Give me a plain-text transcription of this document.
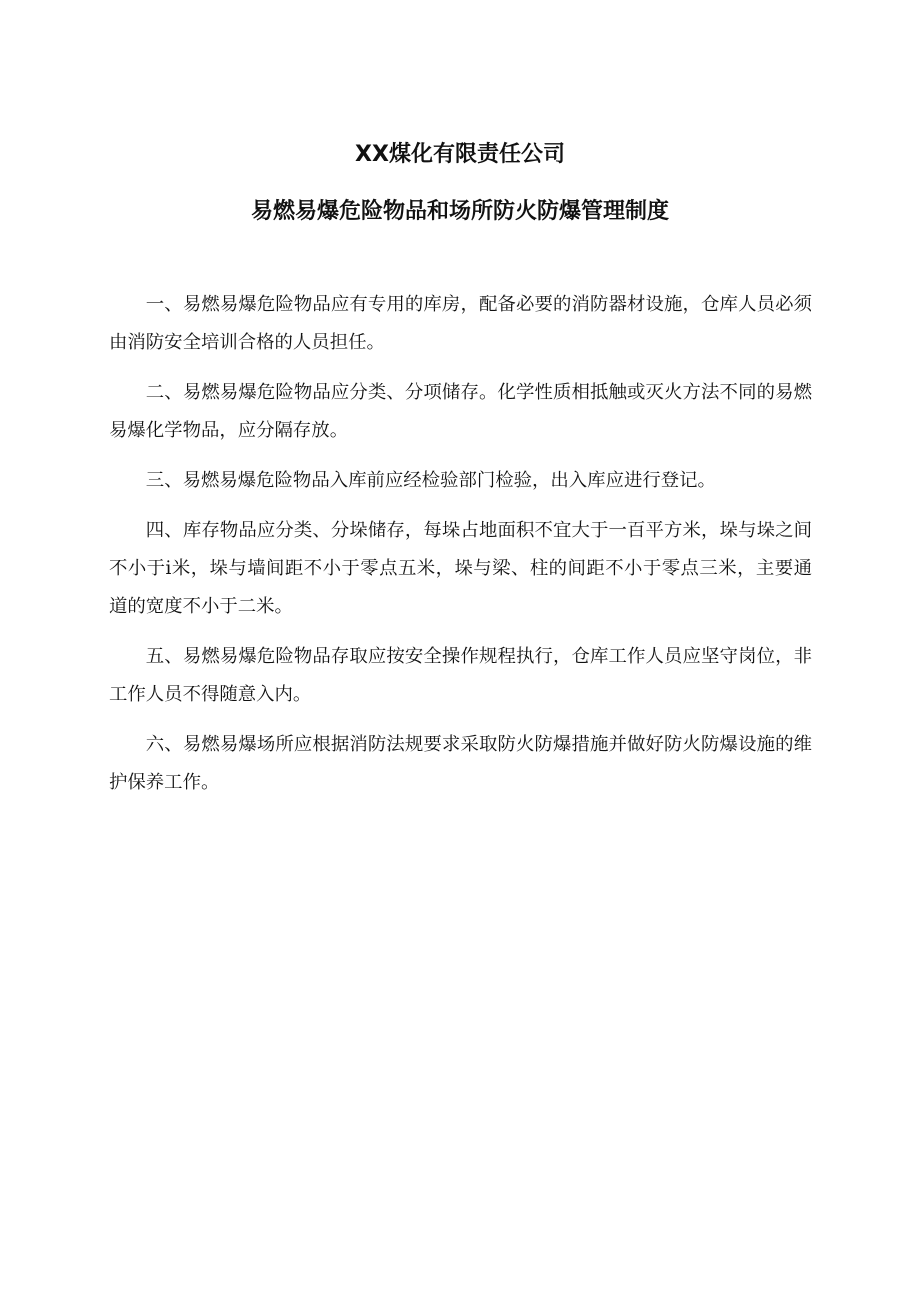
XX煤化有限责任公司
易燃易爆危险物品和场所防火防爆管理制度

一、易燃易爆危险物品应有专用的库房，配备必要的消防器材设施，仓库人员必须由消防安全培训合格的人员担任。

二、易燃易爆危险物品应分类、分项储存。化学性质相抵触或灭火方法不同的易燃易爆化学物品，应分隔存放。

三、易燃易爆危险物品入库前应经检验部门检验，出入库应进行登记。

四、库存物品应分类、分垛储存，每垛占地面积不宜大于一百平方米，垛与垛之间不小于i米，垛与墙间距不小于零点五米，垛与梁、柱的间距不小于零点三米，主要通道的宽度不小于二米。

五、易燃易爆危险物品存取应按安全操作规程执行，仓库工作人员应坚守岗位，非工作人员不得随意入内。

六、易燃易爆场所应根据消防法规要求采取防火防爆措施并做好防火防爆设施的维护保养工作。
